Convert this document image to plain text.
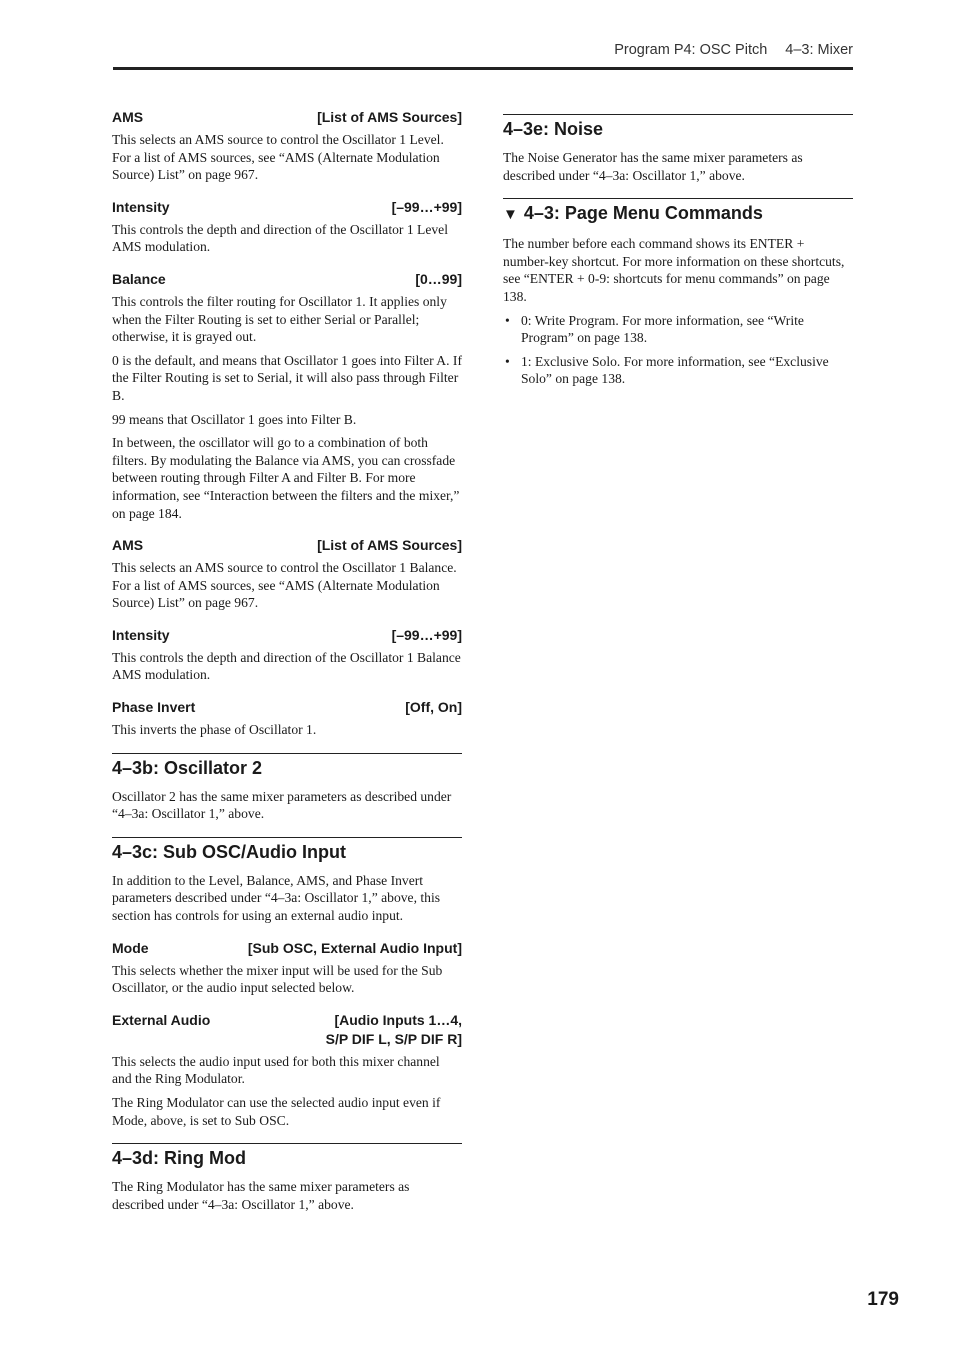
Program P4: OSC Pitch 4–3: Mixer
AMS	[List of AMS Sources]

This selects an AMS source to control the Oscillator 1 Level. For a list of AMS sources, see “AMS (Alternate Modulation Source) List” on page 967.

Intensity	[–99…+99]

This controls the depth and direction of the Oscillator 1 Level AMS modulation.

Balance	[0…99]

This controls the filter routing for Oscillator 1. It applies only when the Filter Routing is set to either Serial or Parallel; otherwise, it is grayed out.

0 is the default, and means that Oscillator 1 goes into Filter A. If the Filter Routing is set to Serial, it will also pass through Filter B.

99 means that Oscillator 1 goes into Filter B.

In between, the oscillator will go to a combination of both filters. By modulating the Balance via AMS, you can crossfade between routing through Filter A and Filter B. For more information, see “Interaction between the filters and the mixer,” on page 184.

AMS	[List of AMS Sources]

This selects an AMS source to control the Oscillator 1 Balance. For a list of AMS sources, see “AMS (Alternate Modulation Source) List” on page 967.

Intensity	[–99…+99]

This controls the depth and direction of the Oscillator 1 Balance AMS modulation.

Phase Invert	[Off, On]

This inverts the phase of Oscillator 1.

4–3b: Oscillator 2

Oscillator 2 has the same mixer parameters as described under “4–3a: Oscillator 1,” above.

4–3c: Sub OSC/Audio Input

In addition to the Level, Balance, AMS, and Phase Invert parameters described under “4–3a: Oscillator 1,” above, this section has controls for using an external audio input.

Mode	[Sub OSC, External Audio Input]

This selects whether the mixer input will be used for the Sub Oscillator, or the audio input selected below.

External Audio	[Audio Inputs 1…4,
S/P DIF L, S/P DIF R]

This selects the audio input used for both this mixer channel and the Ring Modulator.

The Ring Modulator can use the selected audio input even if Mode, above, is set to Sub OSC.

4–3d: Ring Mod

The Ring Modulator has the same mixer parameters as described under “4–3a: Oscillator 1,” above.

4–3e: Noise

The Noise Generator has the same mixer parameters as described under “4–3a: Oscillator 1,” above.

▼ 4–3: Page Menu Commands

The number before each command shows its ENTER + number-key shortcut. For more information on these shortcuts, see “ENTER + 0-9: shortcuts for menu commands” on page 138.

• 0: Write Program. For more information, see “Write Program” on page 138.
• 1: Exclusive Solo. For more information, see “Exclusive Solo” on page 138.
179
